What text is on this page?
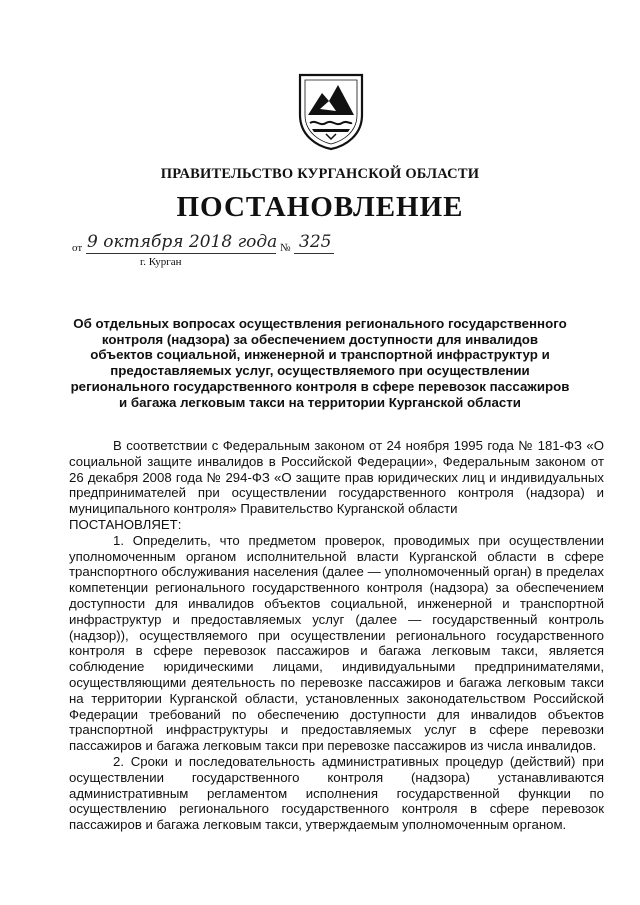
ПРАВИТЕЛЬСТВО КУРГАНСКОЙ ОБЛАСТИ
ПОСТАНОВЛЕНИЕ
от 9 октября 2018 года № 325
г. Курган
Об отдельных вопросах осуществления регионального государственного контроля (надзора) за обеспечением доступности для инвалидов объектов социальной, инженерной и транспортной инфраструктур и предоставляемых услуг, осуществляемого при осуществлении регионального государственного контроля в сфере перевозок пассажиров и багажа легковым такси на территории Курганской области

В соответствии с Федеральным законом от 24 ноября 1995 года № 181-ФЗ «О социальной защите инвалидов в Российской Федерации», Федеральным законом от 26 декабря 2008 года № 294-ФЗ «О защите прав юридических лиц и индивидуальных предпринимателей при осуществлении государственного контроля (надзора) и муниципального контроля» Правительство Курганской области

ПОСТАНОВЛЯЕТ:

1. Определить, что предметом проверок, проводимых при осуществлении уполномоченным органом исполнительной власти Курганской области в сфере транспортного обслуживания населения (далее — уполномоченный орган) в пределах компетенции регионального государственного контроля (надзора) за обеспечением доступности для инвалидов объектов социальной, инженерной и транспортной инфраструктур и предоставляемых услуг (далее — государственный контроль (надзор)), осуществляемого при осуществлении регионального государственного контроля в сфере перевозок пассажиров и багажа легковым такси, является соблюдение юридическими лицами, индивидуальными предпринимателями, осуществляющими деятельность по перевозке пассажиров и багажа легковым такси на территории Курганской области, установленных законодательством Российской Федерации требований по обеспечению доступности для инвалидов объектов транспортной инфраструктуры и предоставляемых услуг в сфере перевозки пассажиров и багажа легковым такси при перевозке пассажиров из числа инвалидов.

2. Сроки и последовательность административных процедур (действий) при осуществлении государственного контроля (надзора) устанавливаются административным регламентом исполнения государственной функции по осуществлению регионального государственного контроля в сфере перевозок пассажиров и багажа легковым такси, утверждаемым уполномоченным органом.
